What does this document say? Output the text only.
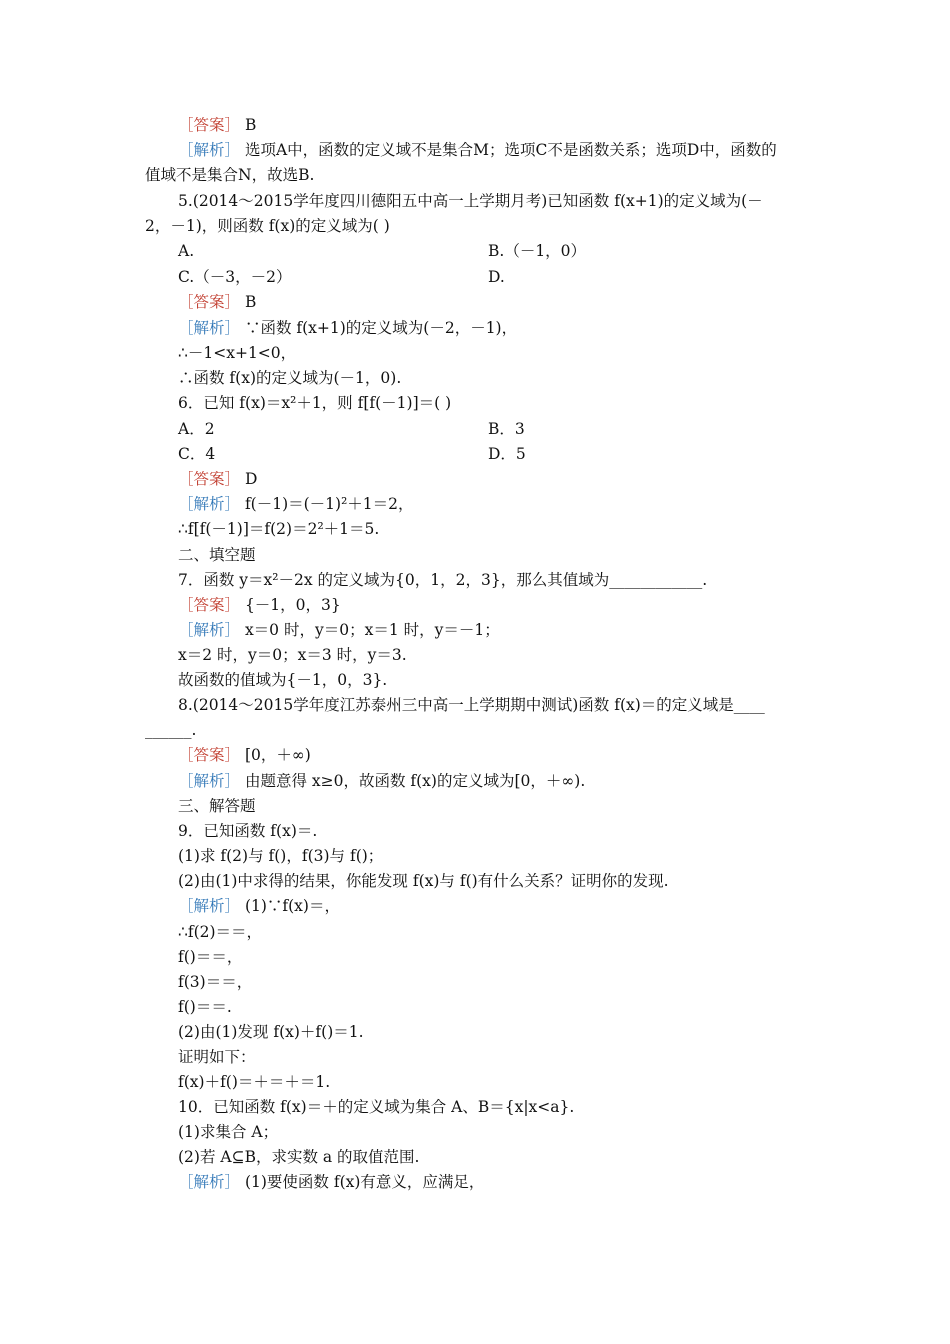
［答案］ B
［解析］ 选项A中，函数的定义域不是集合M；选项C不是函数关系；选项D中，函数的
值域不是集合N，故选B.
5.(2014～2015学年度四川德阳五中高一上学期月考)已知函数 f(x+1)的定义域为(－
2，－1)，则函数 f(x)的定义域为( )
A.	B.（－1，0）
C.（－3，－2）	D.
［答案］ B
［解析］ ∵函数 f(x+1)的定义域为(－2，－1)，
∴－1<x+1<0，
∴函数 f(x)的定义域为(－1，0).
6．已知 f(x)＝x²＋1，则 f[f(－1)]＝( )
A．2	B．3
C．4	D．5
［答案］ D
［解析］ f(－1)＝(－1)²＋1＝2，
∴f[f(－1)]＝f(2)＝2²＋1＝5.
二、填空题
7．函数 y＝x²－2x 的定义域为{0，1，2，3}，那么其值域为____________.
［答案］ {－1，0，3}
［解析］ x＝0 时，y＝0；x＝1 时，y＝－1；
x＝2 时，y＝0；x＝3 时，y＝3.
故函数的值域为{－1，0，3}.
8.(2014～2015学年度江苏泰州三中高一上学期期中测试)函数 f(x)＝的定义域是____
______.
［答案］ [0，＋∞)
［解析］ 由题意得 x≥0，故函数 f(x)的定义域为[0，＋∞).
三、解答题
9．已知函数 f(x)＝.
(1)求 f(2)与 f()，f(3)与 f()；
(2)由(1)中求得的结果，你能发现 f(x)与 f()有什么关系？证明你的发现.
［解析］ (1)∵f(x)＝，
∴f(2)＝＝，
f()＝＝，
f(3)＝＝，
f()＝＝.
(2)由(1)发现 f(x)＋f()＝1.
证明如下：
f(x)＋f()＝＋＝＋＝1.
10．已知函数 f(x)＝＋的定义域为集合 A、B＝{x|x<a}.
(1)求集合 A；
(2)若 A⊆B，求实数 a 的取值范围.
［解析］ (1)要使函数 f(x)有意义，应满足，
